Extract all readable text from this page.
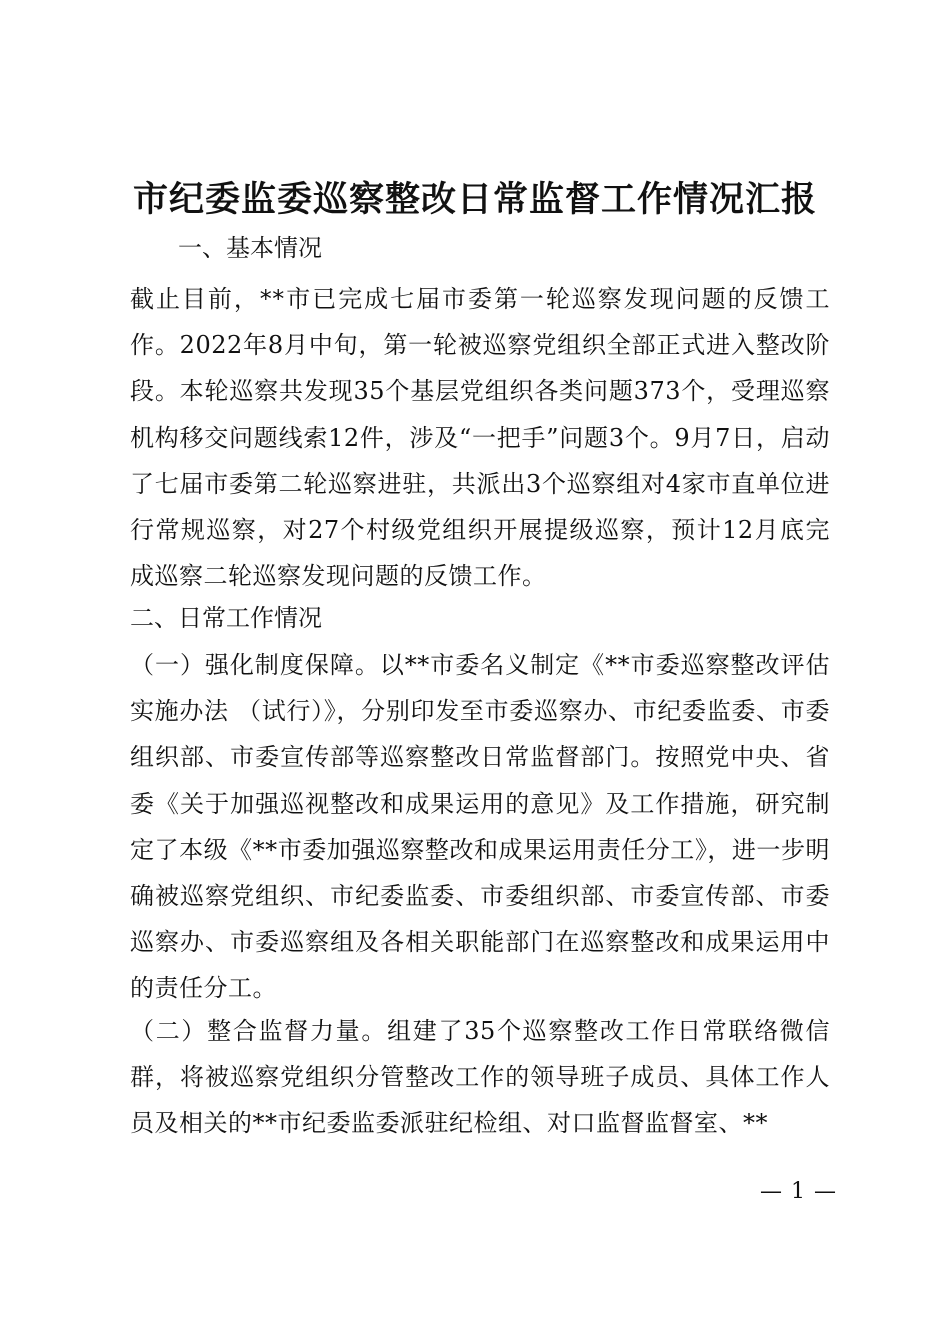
市纪委监委巡察整改日常监督工作情况汇报
一、基本情况
截止目前，**市已完成七届市委第一轮巡察发现问题的反馈工作。2022年8月中旬，第一轮被巡察党组织全部正式进入整改阶段。本轮巡察共发现35个基层党组织各类问题373个，受理巡察机构移交问题线索12件，涉及“一把手”问题3个。9月7日，启动了七届市委第二轮巡察进驻，共派出3个巡察组对4家市直单位进行常规巡察，对27个村级党组织开展提级巡察，预计12月底完成巡察二轮巡察发现问题的反馈工作。
二、日常工作情况
（一）强化制度保障。以**市委名义制定《**市委巡察整改评估实施办法 （试行）》，分别印发至市委巡察办、市纪委监委、市委组织部、市委宣传部等巡察整改日常监督部门。按照党中央、省委《关于加强巡视整改和成果运用的意见》及工作措施，研究制定了本级《**市委加强巡察整改和成果运用责任分工》，进一步明确被巡察党组织、市纪委监委、市委组织部、市委宣传部、市委巡察办、市委巡察组及各相关职能部门在巡察整改和成果运用中的责任分工。
（二）整合监督力量。组建了35个巡察整改工作日常联络微信群，将被巡察党组织分管整改工作的领导班子成员、具体工作人员及相关的**市纪委监委派驻纪检组、对口监督监督室、**
— 1 —
